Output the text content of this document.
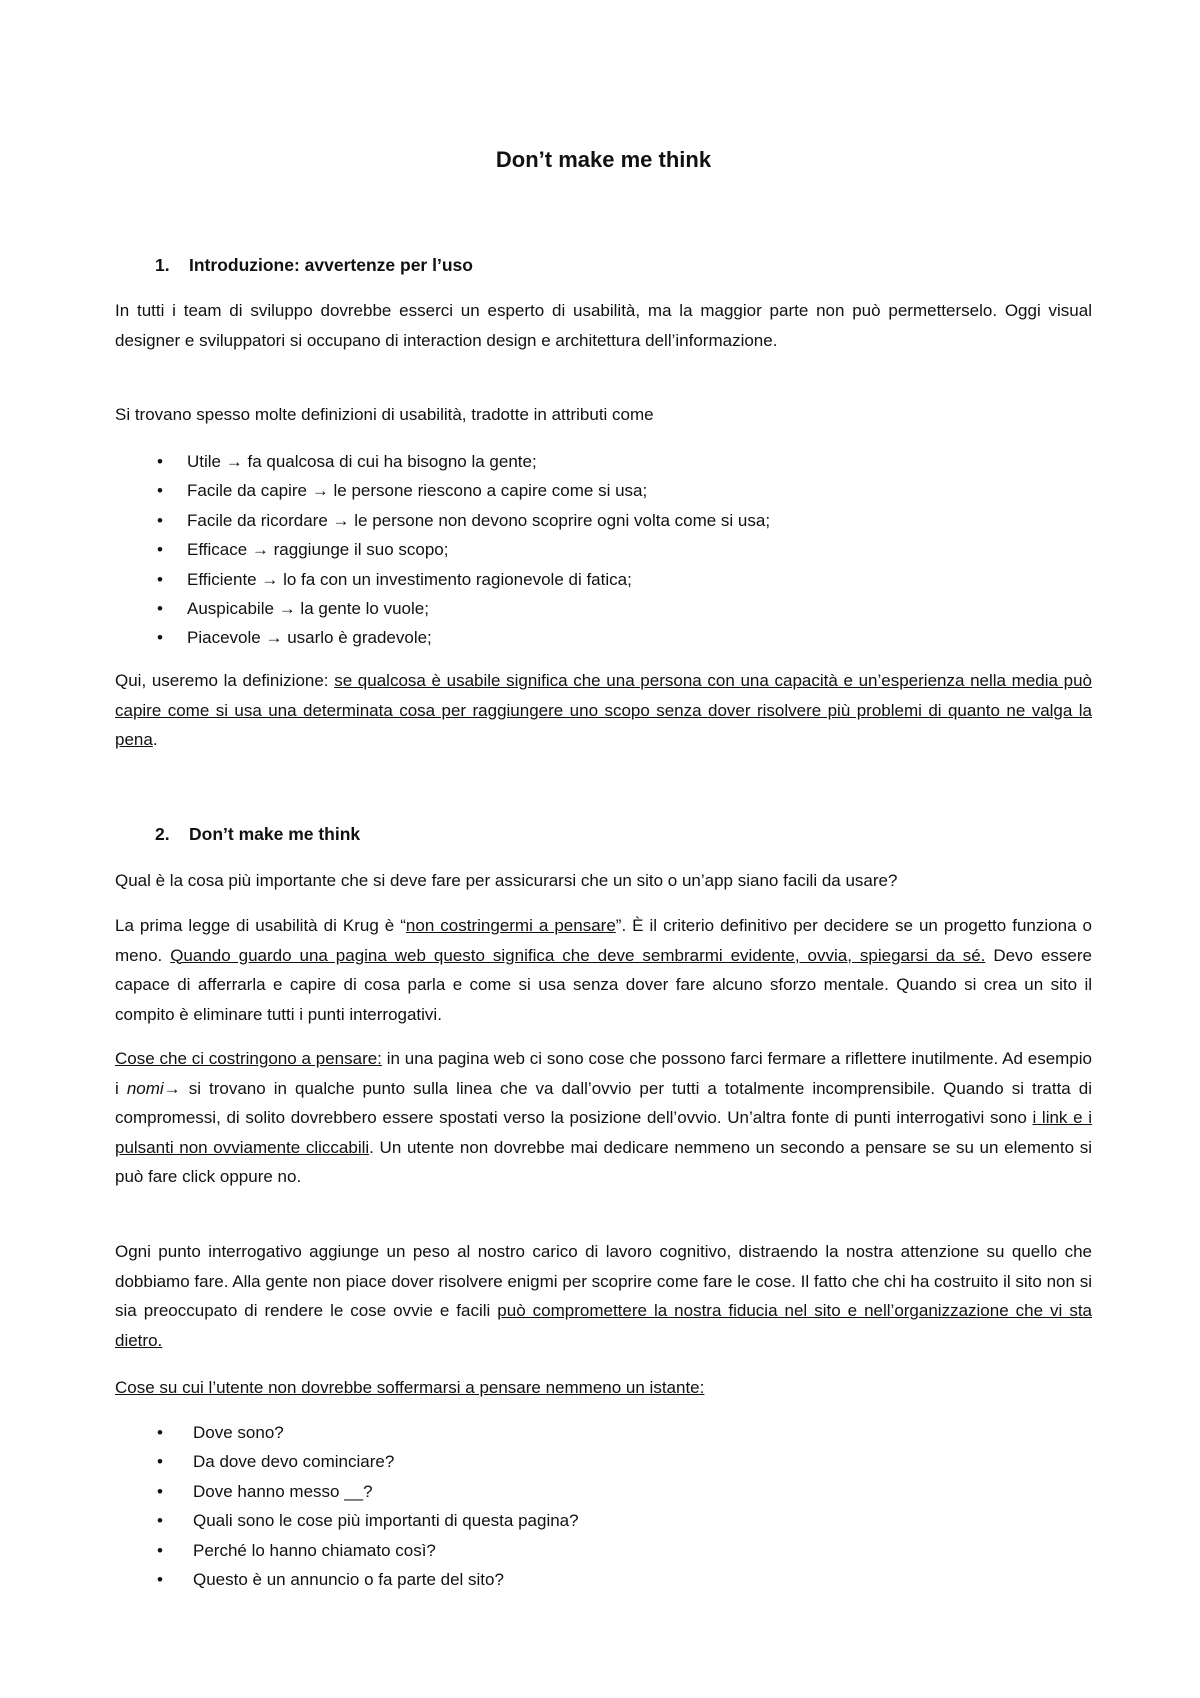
Don’t make me think
1. Introduzione: avvertenze per l’uso

In tutti i team di sviluppo dovrebbe esserci un esperto di usabilità, ma la maggior parte non può permetterselo. Oggi visual designer e sviluppatori si occupano di interaction design e architettura dell’informazione.

Si trovano spesso molte definizioni di usabilità, tradotte in attributi come

• Utile → fa qualcosa di cui ha bisogno la gente;
• Facile da capire → le persone riescono a capire come si usa;
• Facile da ricordare → le persone non devono scoprire ogni volta come si usa;
• Efficace → raggiunge il suo scopo;
• Efficiente → lo fa con un investimento ragionevole di fatica;
• Auspicabile → la gente lo vuole;
• Piacevole → usarlo è gradevole;

Qui, useremo la definizione: se qualcosa è usabile significa che una persona con una capacità e un’esperienza nella media può capire come si usa una determinata cosa per raggiungere uno scopo senza dover risolvere più problemi di quanto ne valga la pena.

2. Don’t make me think

Qual è la cosa più importante che si deve fare per assicurarsi che un sito o un’app siano facili da usare?

La prima legge di usabilità di Krug è “non costringermi a pensare”. È il criterio definitivo per decidere se un progetto funziona o meno. Quando guardo una pagina web questo significa che deve sembrarmi evidente, ovvia, spiegarsi da sé. Devo essere capace di afferrarla e capire di cosa parla e come si usa senza dover fare alcuno sforzo mentale. Quando si crea un sito il compito è eliminare tutti i punti interrogativi.

Cose che ci costringono a pensare: in una pagina web ci sono cose che possono farci fermare a riflettere inutilmente. Ad esempio i nomi→ si trovano in qualche punto sulla linea che va dall’ovvio per tutti a totalmente incomprensibile. Quando si tratta di compromessi, di solito dovrebbero essere spostati verso la posizione dell’ovvio. Un’altra fonte di punti interrogativi sono i link e i pulsanti non ovviamente cliccabili. Un utente non dovrebbe mai dedicare nemmeno un secondo a pensare se su un elemento si può fare click oppure no.

Ogni punto interrogativo aggiunge un peso al nostro carico di lavoro cognitivo, distraendo la nostra attenzione su quello che dobbiamo fare. Alla gente non piace dover risolvere enigmi per scoprire come fare le cose. Il fatto che chi ha costruito il sito non si sia preoccupato di rendere le cose ovvie e facili può compromettere la nostra fiducia nel sito e nell’organizzazione che vi sta dietro.

Cose su cui l’utente non dovrebbe soffermarsi a pensare nemmeno un istante:

• Dove sono?
• Da dove devo cominciare?
• Dove hanno messo __?
• Quali sono le cose più importanti di questa pagina?
• Perché lo hanno chiamato così?
• Questo è un annuncio o fa parte del sito?
